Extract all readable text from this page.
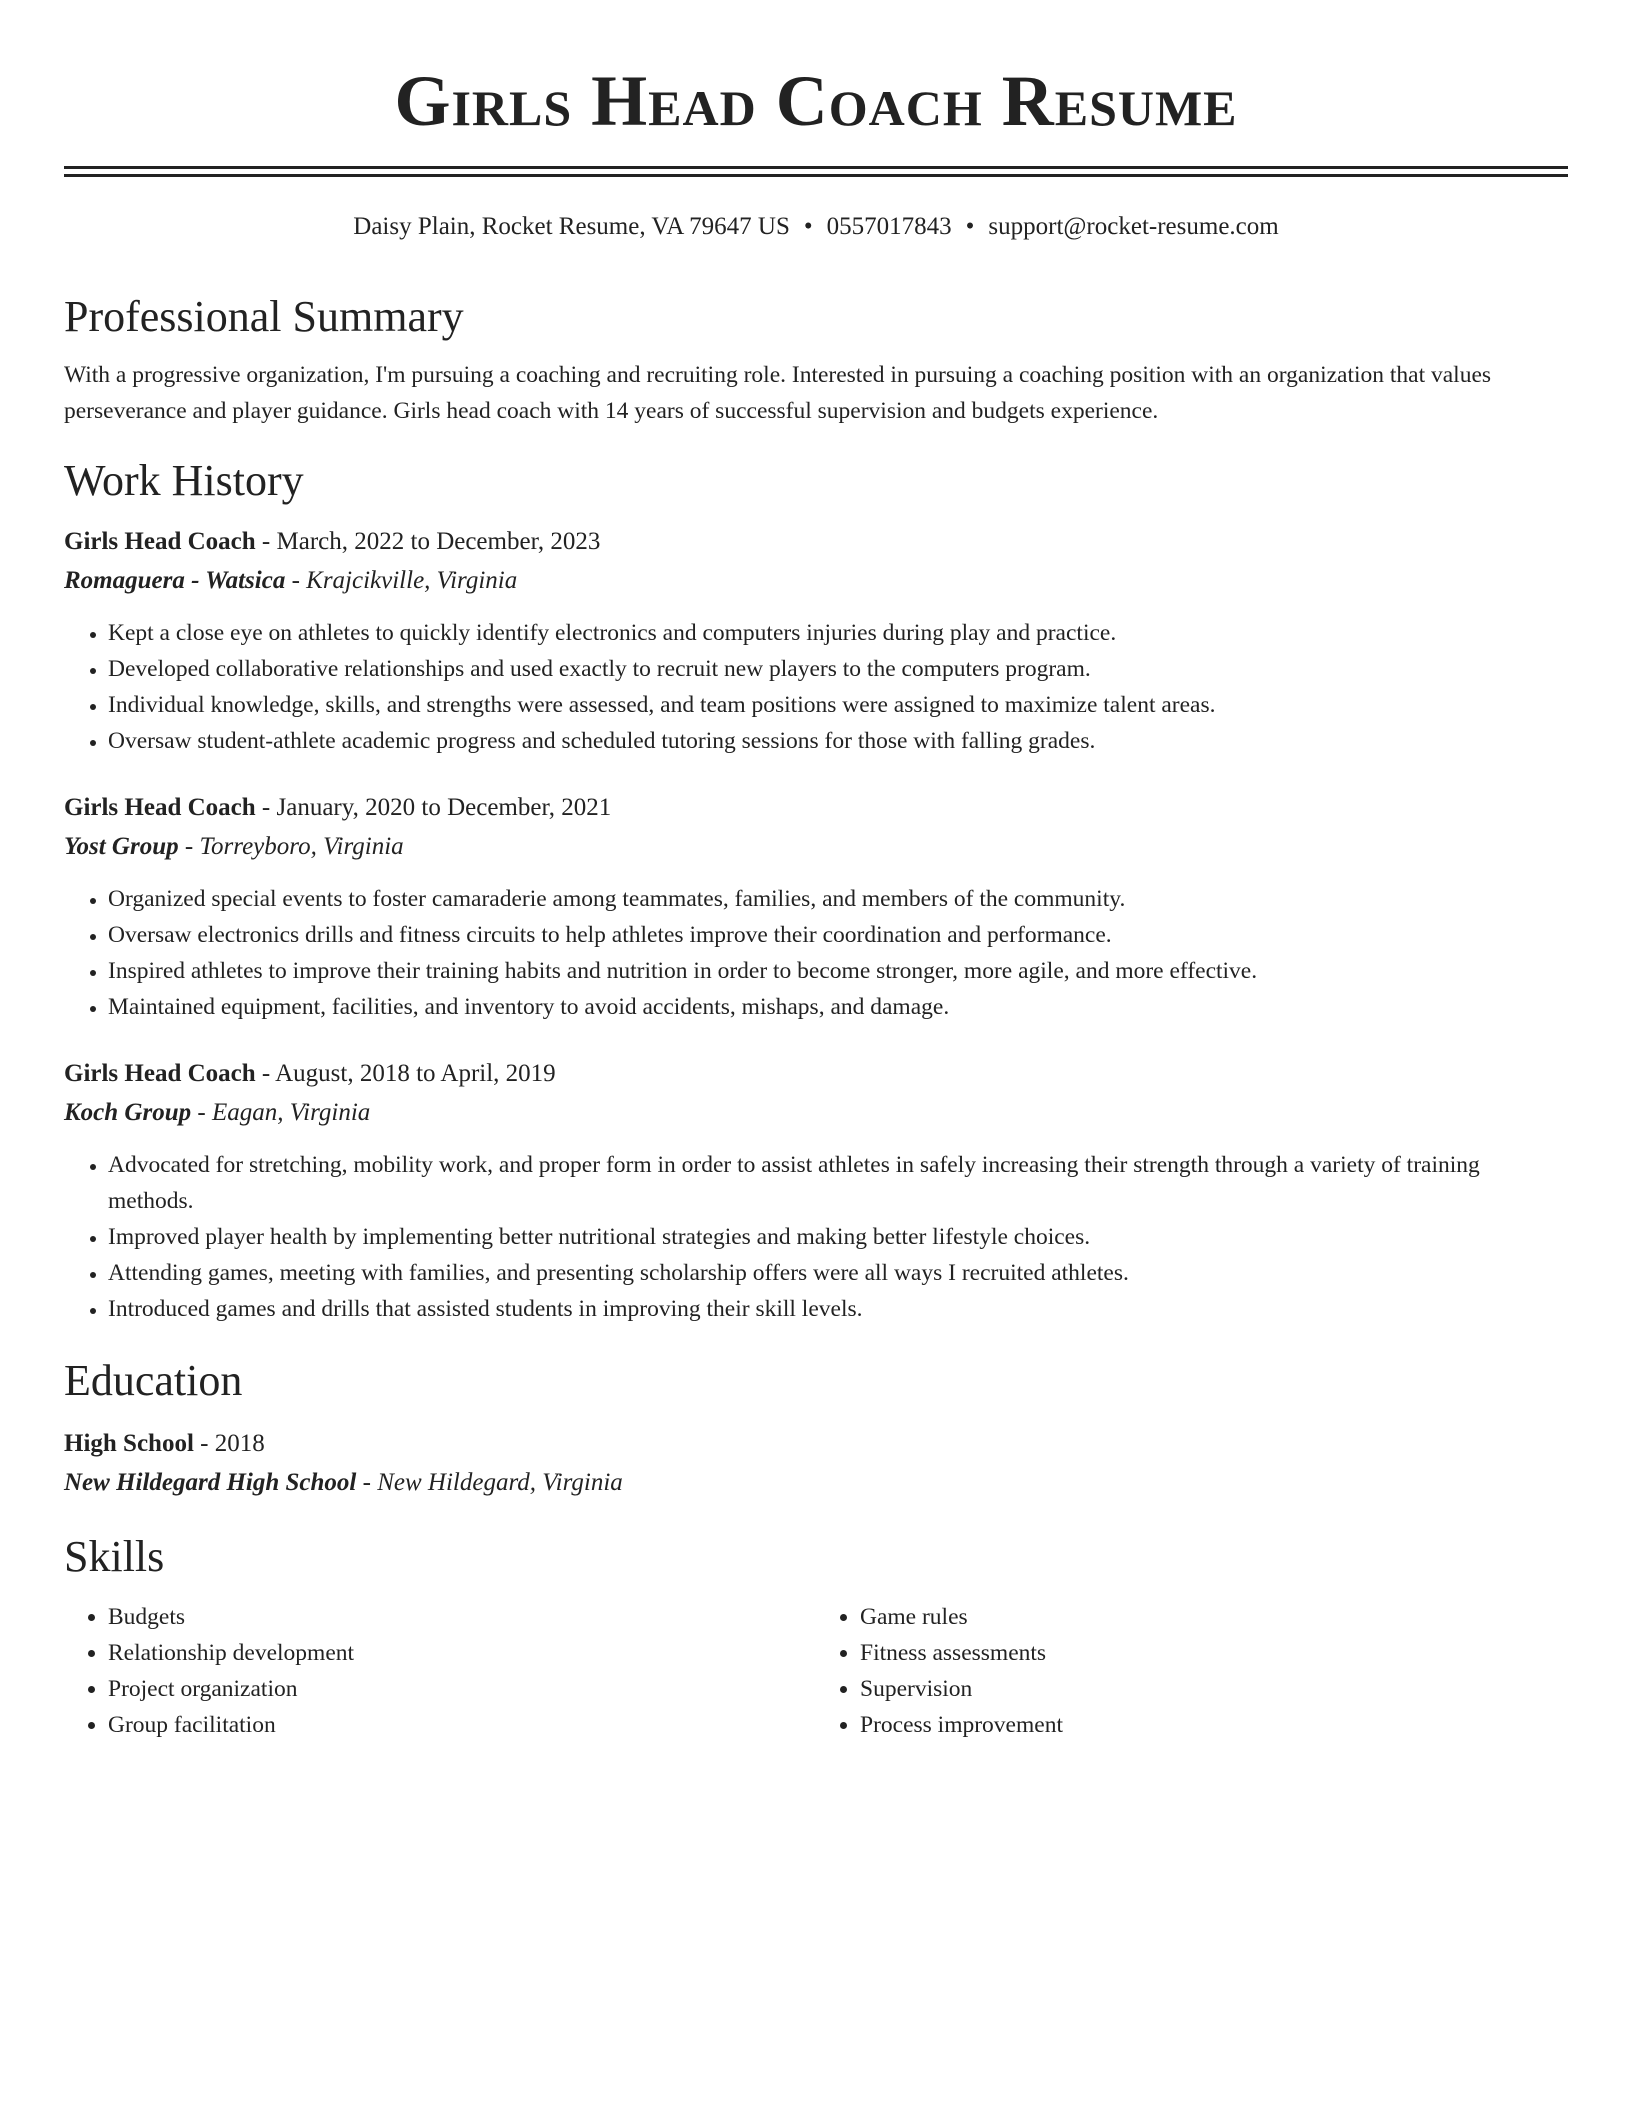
Girls Head Coach Resume
Daisy Plain, Rocket Resume, VA 79647 US • 0557017843 • support@rocket-resume.com
Professional Summary

With a progressive organization, I'm pursuing a coaching and recruiting role. Interested in pursuing a coaching position with an organization that values perseverance and player guidance. Girls head coach with 14 years of successful supervision and budgets experience.

Work History
Girls Head Coach - March, 2022 to December, 2023
Romaguera - Watsica - Krajcikville, Virginia
• Kept a close eye on athletes to quickly identify electronics and computers injuries during play and practice.
• Developed collaborative relationships and used exactly to recruit new players to the computers program.
• Individual knowledge, skills, and strengths were assessed, and team positions were assigned to maximize talent areas.
• Oversaw student-athlete academic progress and scheduled tutoring sessions for those with falling grades.
Girls Head Coach - January, 2020 to December, 2021
Yost Group - Torreyboro, Virginia
• Organized special events to foster camaraderie among teammates, families, and members of the community.
• Oversaw electronics drills and fitness circuits to help athletes improve their coordination and performance.
• Inspired athletes to improve their training habits and nutrition in order to become stronger, more agile, and more effective.
• Maintained equipment, facilities, and inventory to avoid accidents, mishaps, and damage.
Girls Head Coach - August, 2018 to April, 2019
Koch Group - Eagan, Virginia
• Advocated for stretching, mobility work, and proper form in order to assist athletes in safely increasing their strength through a variety of training methods.
• Improved player health by implementing better nutritional strategies and making better lifestyle choices.
• Attending games, meeting with families, and presenting scholarship offers were all ways I recruited athletes.
• Introduced games and drills that assisted students in improving their skill levels.
Education
High School - 2018
New Hildegard High School - New Hildegard, Virginia
Skills
• Budgets
• Relationship development
• Project organization
• Group facilitation
• Game rules
• Fitness assessments
• Supervision
• Process improvement
